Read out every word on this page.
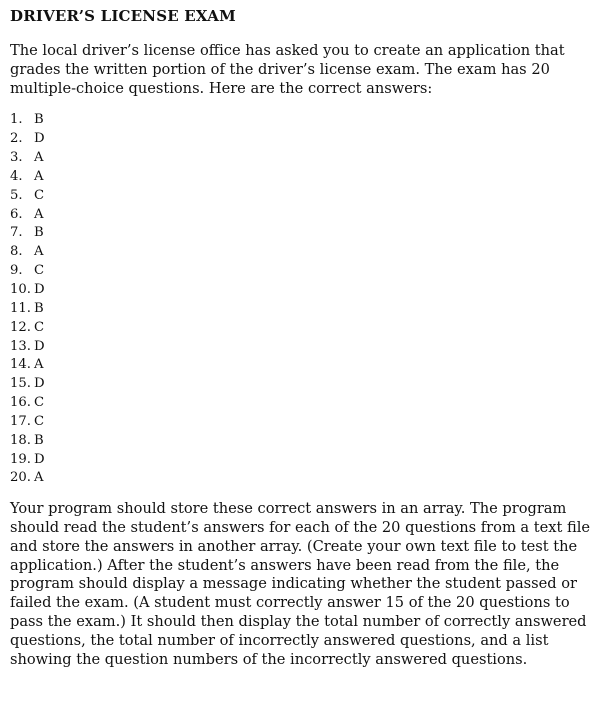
DRIVER’S LICENSE EXAM

The local driver’s license office has asked you to create an application that grades the written portion of the driver’s license exam. The exam has 20 multiple-choice questions. Here are the correct answers:

1. B
2. D
3. A
4. A
5. C
6. A
7. B
8. A
9. C
10. D
11. B
12. C
13. D
14. A
15. D
16. C
17. C
18. B
19. D
20. A

Your program should store these correct answers in an array. The program should read the student’s answers for each of the 20 questions from a text file and store the answers in another array. (Create your own text file to test the application.) After the student’s answers have been read from the file, the program should display a message indicating whether the student passed or failed the exam. (A student must correctly answer 15 of the 20 questions to pass the exam.) It should then display the total number of correctly answered questions, the total number of incorrectly answered questions, and a list showing the question numbers of the incorrectly answered questions.
